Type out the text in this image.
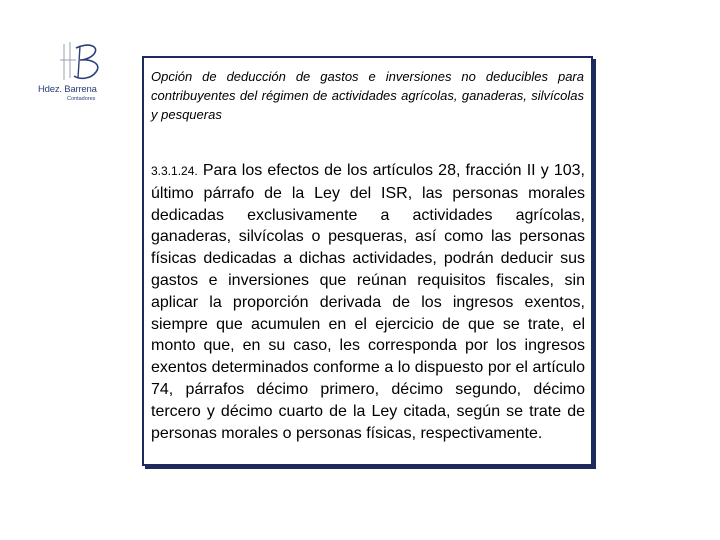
Hdez. Barrena
Contadores
Opción de deducción de gastos e inversiones no deducibles para contribuyentes del régimen de actividades agrícolas, ganaderas, silvícolas y pesqueras
3.3.1.24. Para los efectos de los artículos 28, fracción II y 103, último párrafo de la Ley del ISR, las personas morales dedicadas exclusivamente a actividades agrícolas, ganaderas, silvícolas o pesqueras, así como las personas físicas dedicadas a dichas actividades, podrán deducir sus gastos e inversiones que reúnan requisitos fiscales, sin aplicar la proporción derivada de los ingresos exentos, siempre que acumulen en el ejercicio de que se trate, el monto que, en su caso, les corresponda por los ingresos exentos determinados conforme a lo dispuesto por el artículo 74, párrafos décimo primero, décimo segundo, décimo tercero y décimo cuarto de la Ley citada, según se trate de personas morales o personas físicas, respectivamente.
